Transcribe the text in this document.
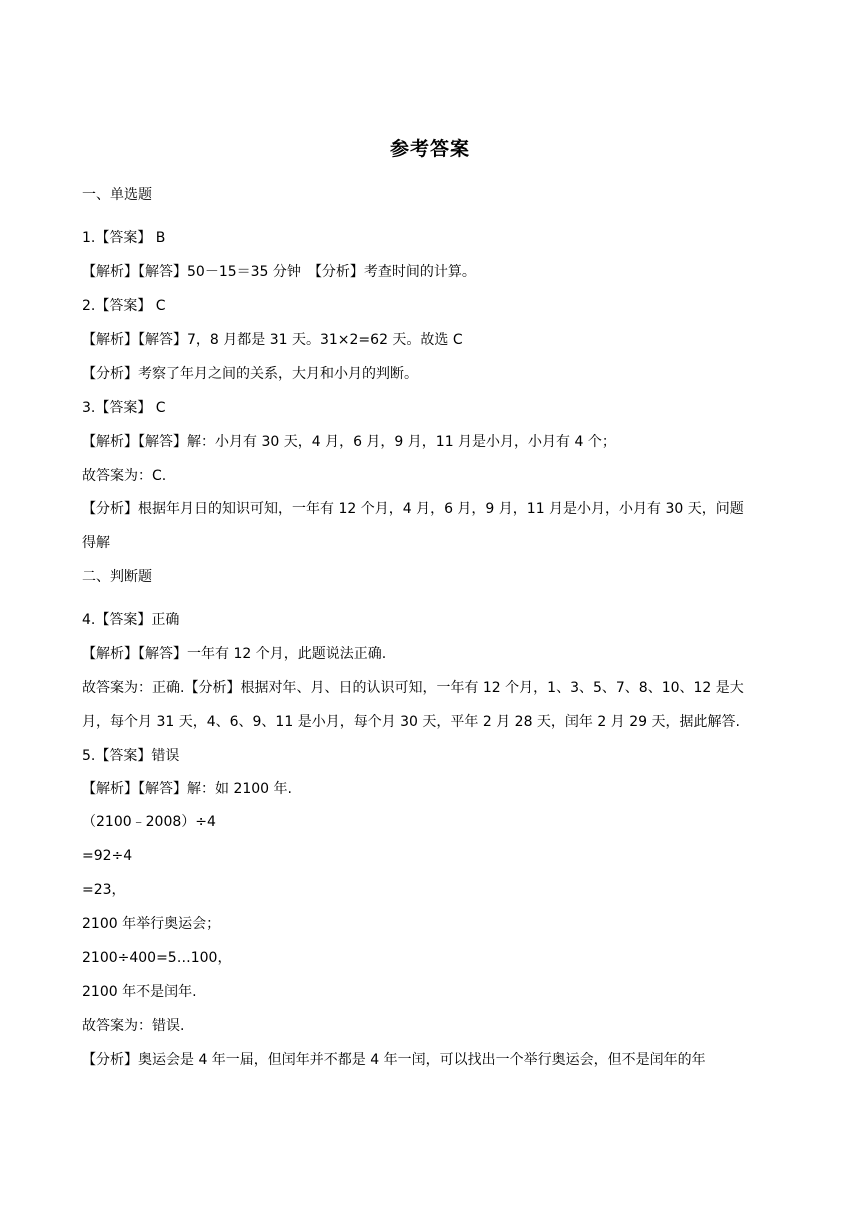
参考答案
一、单选题
1.【答案】 B
【解析】【解答】50－15＝35 分钟　【分析】考查时间的计算。
2.【答案】 C
【解析】【解答】7，8 月都是 31 天。31×2=62 天。故选 C
【分析】考察了年月之间的关系，大月和小月的判断。
3.【答案】 C
【解析】【解答】解：小月有 30 天，4 月，6 月，9 月，11 月是小月，小月有 4 个；
故答案为：C.
【分析】根据年月日的知识可知，一年有 12 个月，4 月，6 月，9 月，11 月是小月，小月有 30 天，问题
得解
二、判断题
4.【答案】正确
【解析】【解答】一年有 12 个月，此题说法正确.
故答案为：正确.【分析】根据对年、月、日的认识可知，一年有 12 个月，1、3、5、7、8、10、12 是大
月，每个月 31 天，4、6、9、11 是小月，每个月 30 天，平年 2 月 28 天，闰年 2 月 29 天，据此解答.
5.【答案】错误
【解析】【解答】解：如 2100 年.
（2100﹣2008）÷4
=92÷4
=23，
2100 年举行奥运会；
2100÷400=5…100，
2100 年不是闰年.
故答案为：错误.
【分析】奥运会是 4 年一届，但闰年并不都是 4 年一闰，可以找出一个举行奥运会，但不是闰年的年
